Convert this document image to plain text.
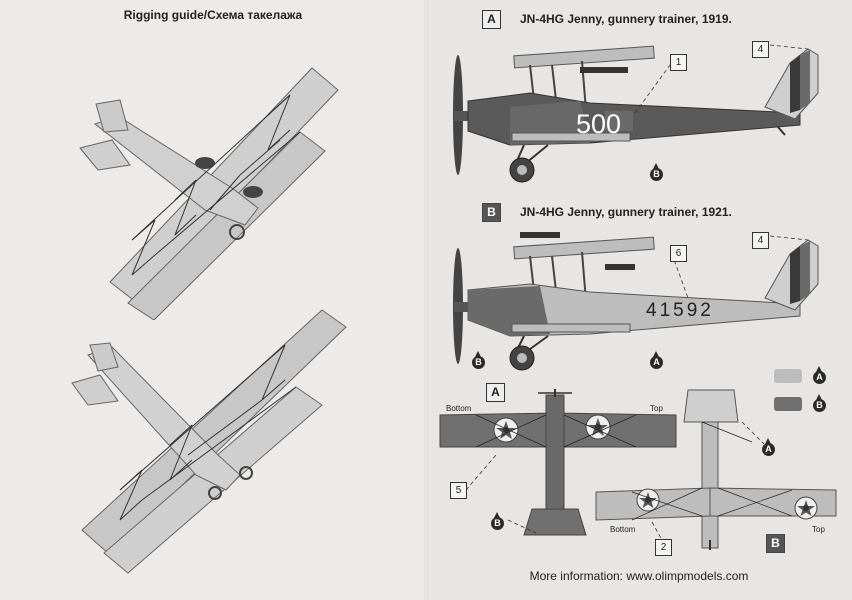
Rigging guide/Схема такелажа	A	JN-4HG Jenny, gunnery trainer, 1919.
500
1
4
B
B	JN-4HG Jenny, gunnery trainer, 1921.
41592
6
4
B	A
A
B
A
Bottom	Top
5
B
B
Bottom	Top
2
A
More information: www.olimpmodels.com
